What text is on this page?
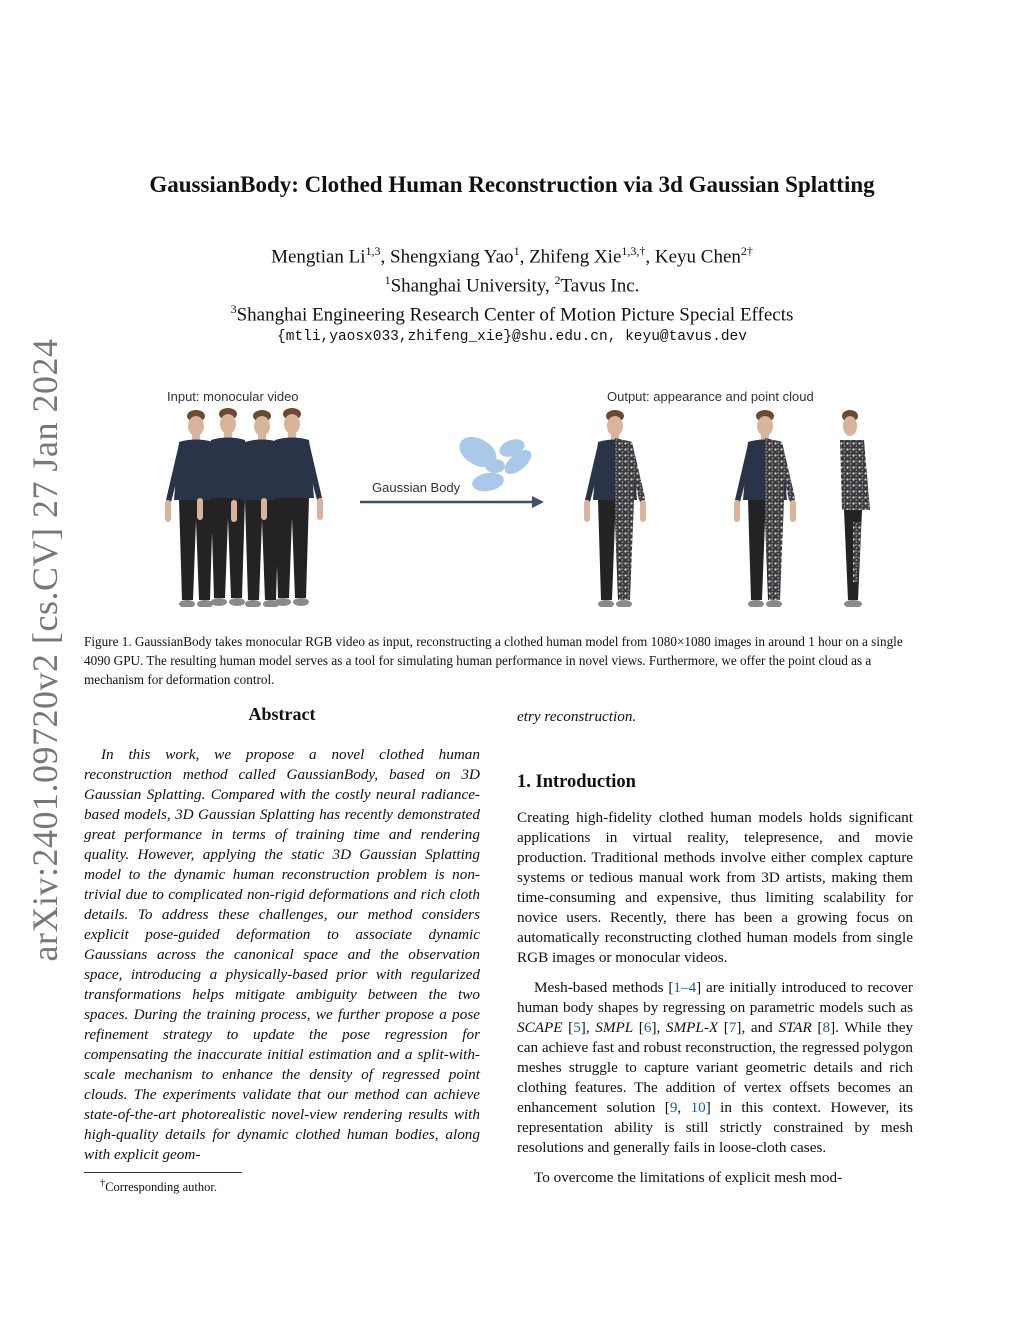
arXiv:2401.09720v2 [cs.CV] 27 Jan 2024
GaussianBody: Clothed Human Reconstruction via 3d Gaussian Splatting
Mengtian Li$^{1,3}$, Shengxiang Yao$^1$, Zhifeng Xie$^{1,3,\dagger}$, Keyu Chen$^{2\dagger}$
$^1$Shanghai University, $^2$Tavus Inc.
$^3$Shanghai Engineering Research Center of Motion Picture Special Effects
{mtli,yaosx033,zhifeng_xie}@shu.edu.cn, keyu@tavus.dev
Input: monocular video	Output: appearance and point cloud
Gaussian Body
Figure 1. GaussianBody takes monocular RGB video as input, reconstructing a clothed human model from 1080×1080 images in around 1 hour on a single 4090 GPU. The resulting human model serves as a tool for simulating human performance in novel views. Furthermore, we offer the point cloud as a mechanism for deformation control.
Abstract
In this work, we propose a novel clothed human reconstruction method called GaussianBody, based on 3D Gaussian Splatting. Compared with the costly neural radiance-based models, 3D Gaussian Splatting has recently demonstrated great performance in terms of training time and rendering quality. However, applying the static 3D Gaussian Splatting model to the dynamic human reconstruction problem is non-trivial due to complicated non-rigid deformations and rich cloth details. To address these challenges, our method considers explicit pose-guided deformation to associate dynamic Gaussians across the canonical space and the observation space, introducing a physically-based prior with regularized transformations helps mitigate ambiguity between the two spaces. During the training process, we further propose a pose refinement strategy to update the pose regression for compensating the inaccurate initial estimation and a split-with-scale mechanism to enhance the density of regressed point clouds. The experiments validate that our method can achieve state-of-the-art photorealistic novel-view rendering results with high-quality details for dynamic clothed human bodies, along with explicit geom-
†Corresponding author.
etry reconstruction.
1. Introduction

Creating high-fidelity clothed human models holds significant applications in virtual reality, telepresence, and movie production. Traditional methods involve either complex capture systems or tedious manual work from 3D artists, making them time-consuming and expensive, thus limiting scalability for novice users. Recently, there has been a growing focus on automatically reconstructing clothed human models from single RGB images or monocular videos.

Mesh-based methods [1–4] are initially introduced to recover human body shapes by regressing on parametric models such as SCAPE [5], SMPL [6], SMPL-X [7], and STAR [8]. While they can achieve fast and robust reconstruction, the regressed polygon meshes struggle to capture variant geometric details and rich clothing features. The addition of vertex offsets becomes an enhancement solution [9, 10] in this context. However, its representation ability is still strictly constrained by mesh resolutions and generally fails in loose-cloth cases.

To overcome the limitations of explicit mesh mod-
